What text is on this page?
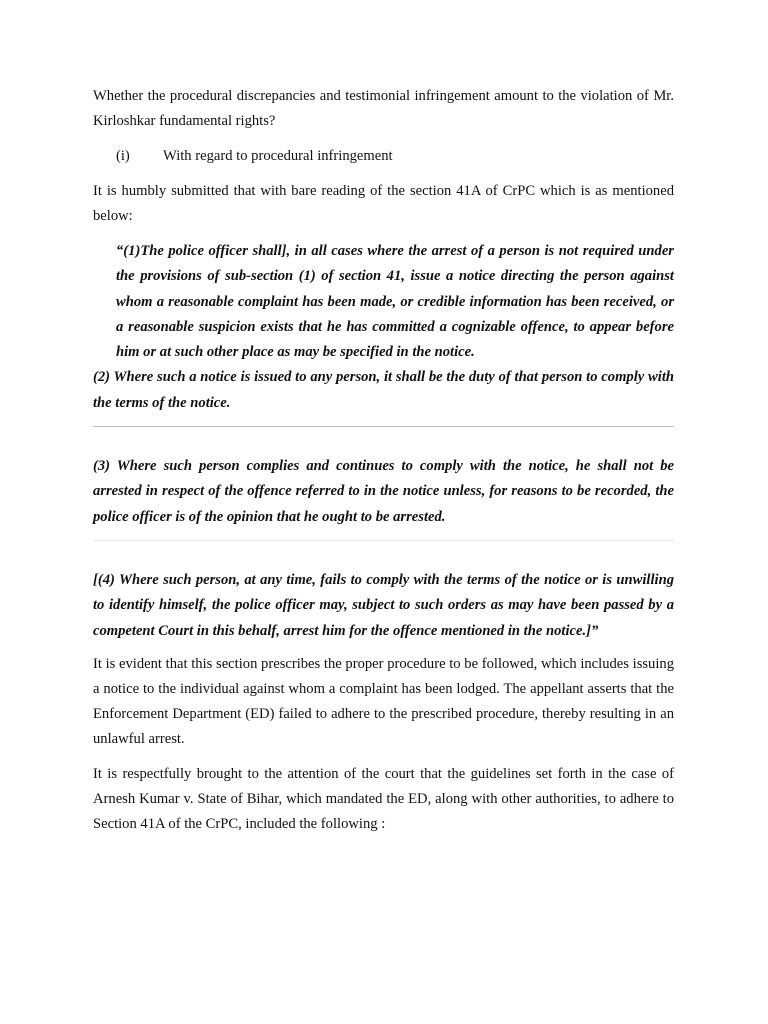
Whether the procedural discrepancies and testimonial infringement amount to the violation of Mr. Kirloshkar fundamental rights?

(i)	With regard to procedural infringement

It is humbly submitted that with bare reading of the section 41A of CrPC which is as mentioned below:

“(1)The police officer shall], in all cases where the arrest of a person is not required under the provisions of sub-section (1) of section 41, issue a notice directing the person against whom a reasonable complaint has been made, or credible information has been received, or a reasonable suspicion exists that he has committed a cognizable offence, to appear before him or at such other place as may be specified in the notice.

(2) Where such a notice is issued to any person, it shall be the duty of that person to comply with the terms of the notice.

(3) Where such person complies and continues to comply with the notice, he shall not be arrested in respect of the offence referred to in the notice unless, for reasons to be recorded, the police officer is of the opinion that he ought to be arrested.

[(4) Where such person, at any time, fails to comply with the terms of the notice or is unwilling to identify himself, the police officer may, subject to such orders as may have been passed by a competent Court in this behalf, arrest him for the offence mentioned in the notice.]”

It is evident that this section prescribes the proper procedure to be followed, which includes issuing a notice to the individual against whom a complaint has been lodged. The appellant asserts that the Enforcement Department (ED) failed to adhere to the prescribed procedure, thereby resulting in an unlawful arrest.

It is respectfully brought to the attention of the court that the guidelines set forth in the case of Arnesh Kumar v. State of Bihar, which mandated the ED, along with other authorities, to adhere to Section 41A of the CrPC, included the following :
